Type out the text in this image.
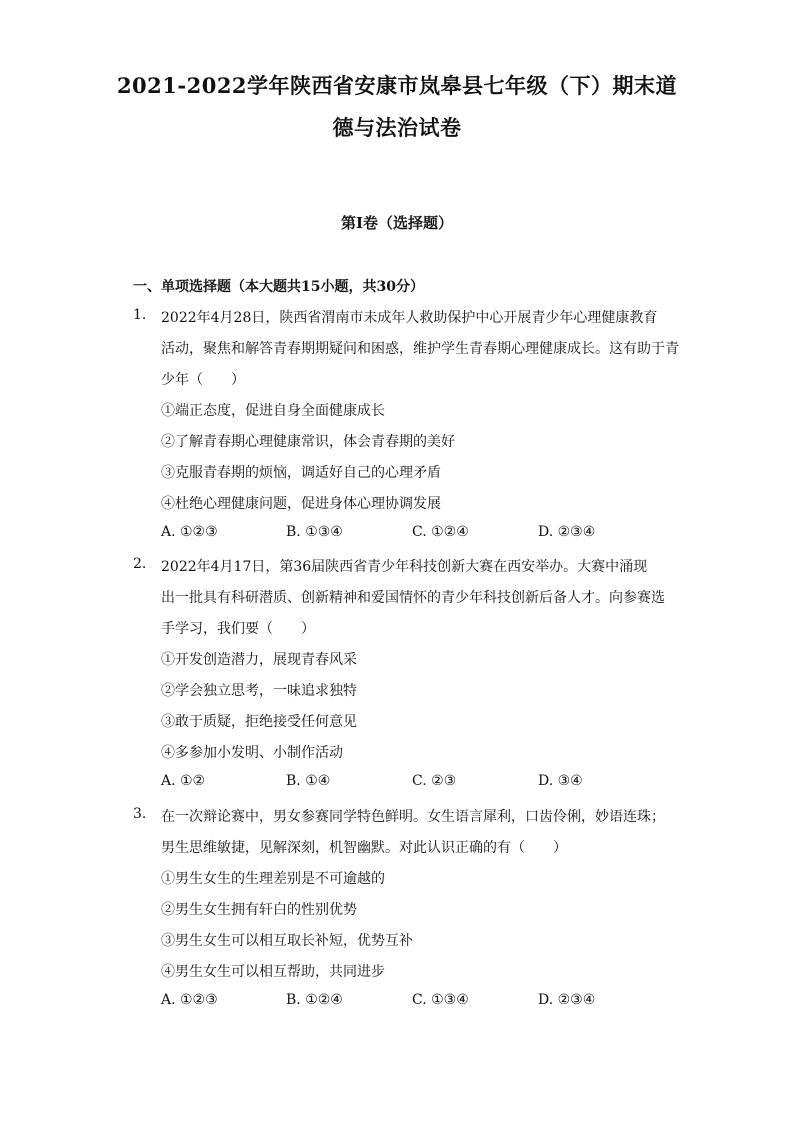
2021-2022学年陕西省安康市岚皋县七年级（下）期末道
德与法治试卷
第I卷（选择题）
一、单项选择题（本大题共15小题，共30分）
1. 2022年4月28日，陕西省渭南市未成年人救助保护中心开展青少年心理健康教育
活动，聚焦和解答青春期期疑问和困惑，维护学生青春期心理健康成长。这有助于青
少年（　　）
①端正态度，促进自身全面健康成长
②了解青春期心理健康常识，体会青春期的美好
③克服青春期的烦恼，调适好自己的心理矛盾
④杜绝心理健康问题，促进身体心理协调发展
A. ①②③	B. ①③④	C. ①②④	D. ②③④
2. 2022年4月17日，第36届陕西省青少年科技创新大赛在西安举办。大赛中涌现
出一批具有科研潜质、创新精神和爱国情怀的青少年科技创新后备人才。向参赛选
手学习，我们要（　　）
①开发创造潜力，展现青春风采
②学会独立思考，一味追求独特
③敢于质疑，拒绝接受任何意见
④多参加小发明、小制作活动
A. ①②	B. ①④	C. ②③	D. ③④
3. 在一次辩论赛中，男女参赛同学特色鲜明。女生语言犀利，口齿伶俐，妙语连珠；
男生思维敏捷，见解深刻，机智幽默。对此认识正确的有（　　）
①男生女生的生理差别是不可逾越的
②男生女生拥有轩白的性别优势
③男生女生可以相互取长补短，优势互补
④男生女生可以相互帮助，共同进步
A. ①②③	B. ①②④	C. ①③④	D. ②③④
